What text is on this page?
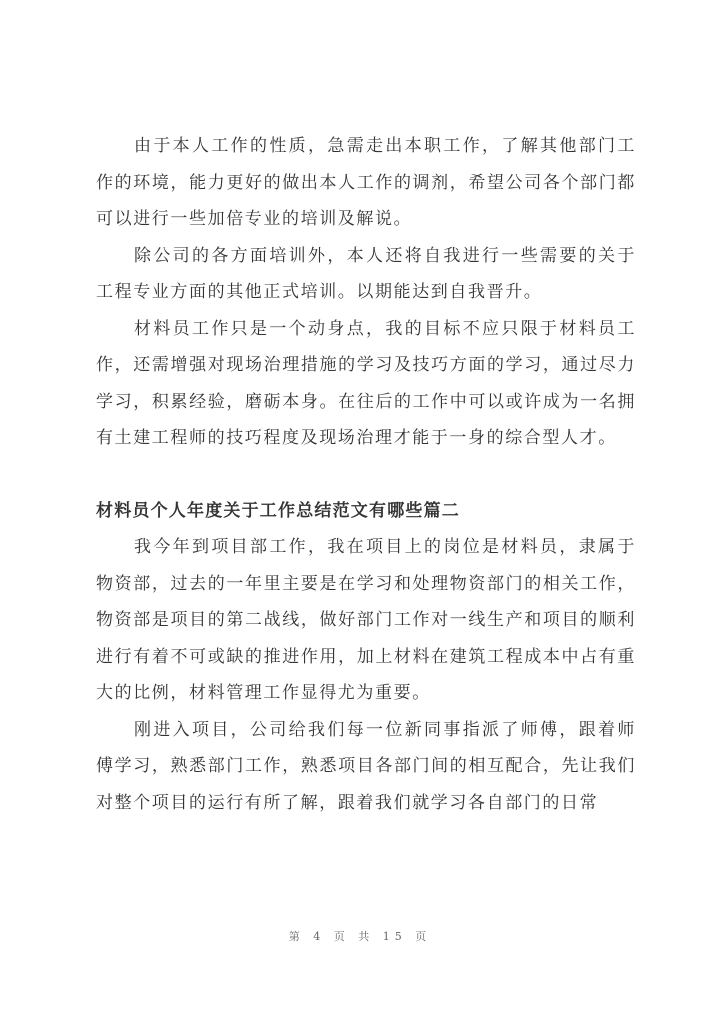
由于本人工作的性质，急需走出本职工作，了解其他部门工作的环境，能力更好的做出本人工作的调剂，希望公司各个部门都可以进行一些加倍专业的培训及解说。

除公司的各方面培训外，本人还将自我进行一些需要的关于工程专业方面的其他正式培训。以期能达到自我晋升。

材料员工作只是一个动身点，我的目标不应只限于材料员工作，还需增强对现场治理措施的学习及技巧方面的学习，通过尽力学习，积累经验，磨砺本身。在往后的工作中可以或许成为一名拥有土建工程师的技巧程度及现场治理才能于一身的综合型人才。

材料员个人年度关于工作总结范文有哪些篇二

我今年到项目部工作，我在项目上的岗位是材料员，隶属于物资部，过去的一年里主要是在学习和处理物资部门的相关工作，物资部是项目的第二战线，做好部门工作对一线生产和项目的顺利进行有着不可或缺的推进作用，加上材料在建筑工程成本中占有重大的比例，材料管理工作显得尤为重要。

刚进入项目，公司给我们每一位新同事指派了师傅，跟着师傅学习，熟悉部门工作，熟悉项目各部门间的相互配合，先让我们对整个项目的运行有所了解，跟着我们就学习各自部门的日常

第 4 页 共 15 页
